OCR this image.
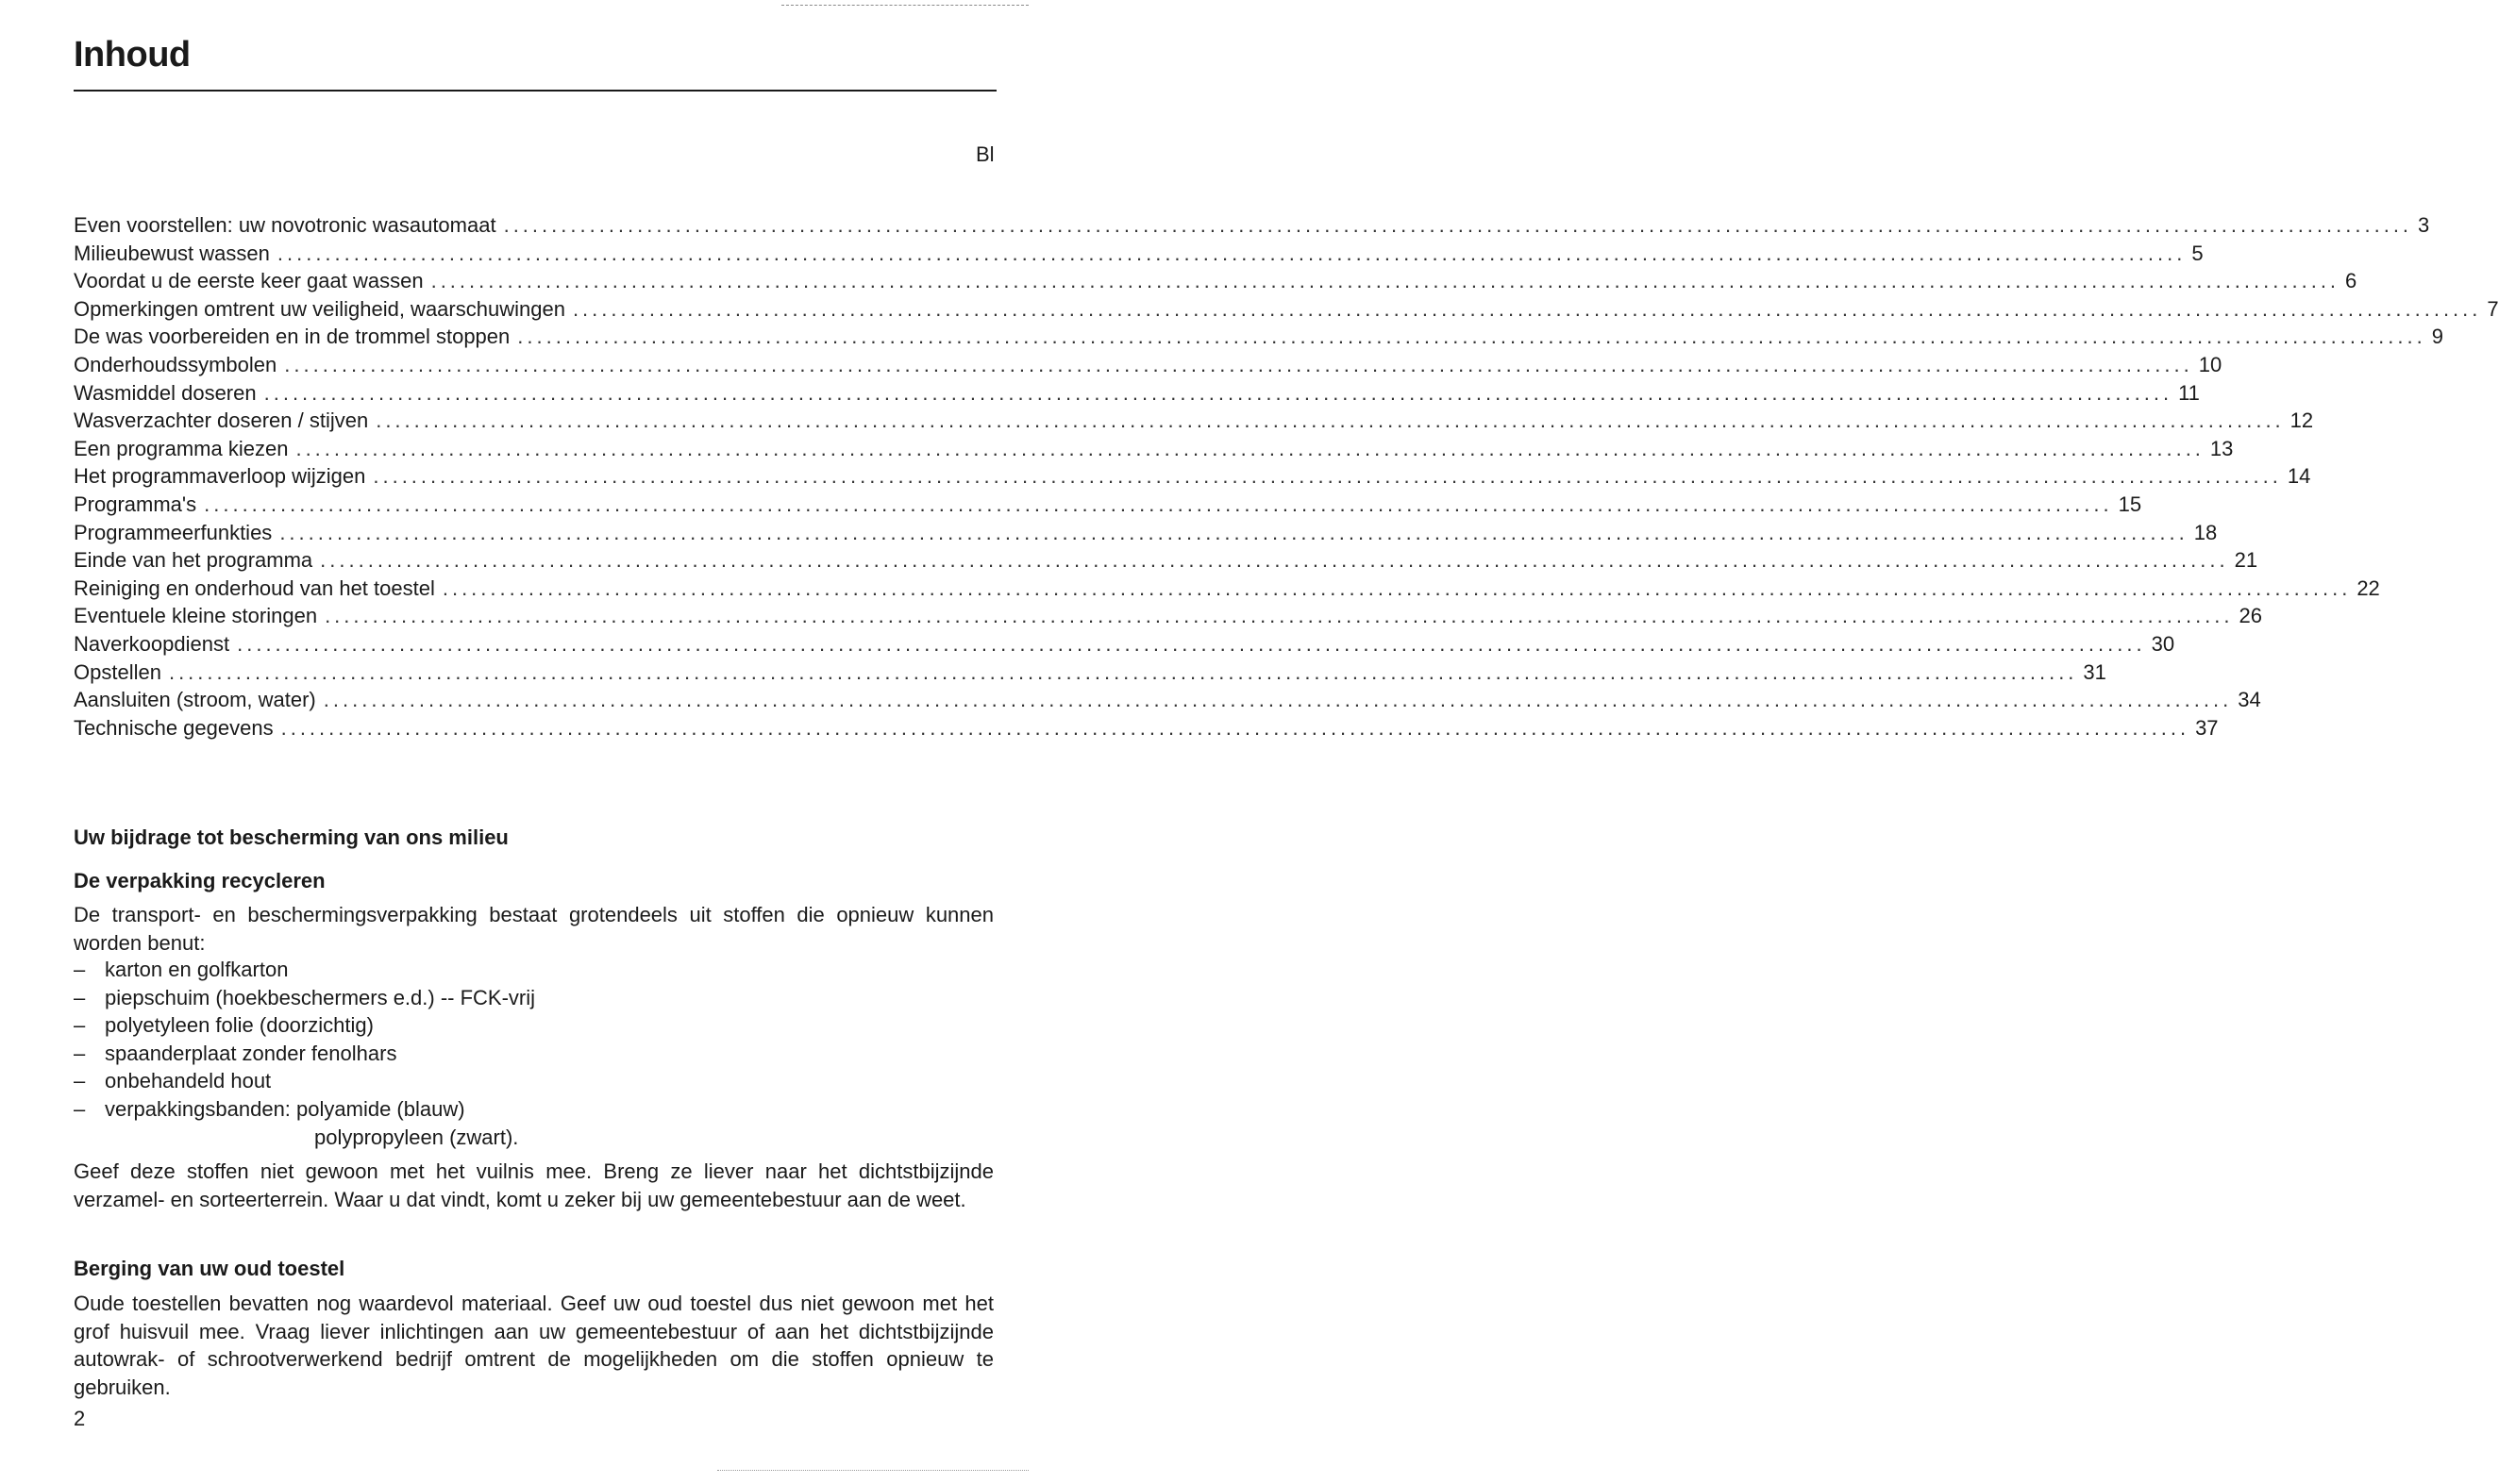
Inhoud
Bl
Even voorstellen: uw novotronic wasautomaat ........................................................................................................................................................................................................ 3
Milieubewust wassen ........................................................................................................................................................................................................ 5
Voordat u de eerste keer gaat wassen ........................................................................................................................................................................................................ 6
Opmerkingen omtrent uw veiligheid, waarschuwingen ........................................................................................................................................................................................................ 7
De was voorbereiden en in de trommel stoppen ........................................................................................................................................................................................................ 9
Onderhoudssymbolen ........................................................................................................................................................................................................ 10
Wasmiddel doseren ........................................................................................................................................................................................................ 11
Wasverzachter doseren / stijven ........................................................................................................................................................................................................ 12
Een programma kiezen ........................................................................................................................................................................................................ 13
Het programmaverloop wijzigen ........................................................................................................................................................................................................ 14
Programma's ........................................................................................................................................................................................................ 15
Programmeerfunkties ........................................................................................................................................................................................................ 18
Einde van het programma ........................................................................................................................................................................................................ 21
Reiniging en onderhoud van het toestel ........................................................................................................................................................................................................ 22
Eventuele kleine storingen ........................................................................................................................................................................................................ 26
Naverkoopdienst ........................................................................................................................................................................................................ 30
Opstellen ........................................................................................................................................................................................................ 31
Aansluiten (stroom, water) ........................................................................................................................................................................................................ 34
Technische gegevens ........................................................................................................................................................................................................ 37
Uw bijdrage tot bescherming van ons milieu
De verpakking recycleren

De transport- en beschermingsverpakking bestaat grotendeels uit stoffen die opnieuw kunnen worden benut:

– karton en golfkarton
– piepschuim (hoekbeschermers e.d.) -- FCK-vrij
– polyetyleen folie (doorzichtig)
– spaanderplaat zonder fenolhars
– onbehandeld hout
– verpakkingsbanden: polyamide (blauw)
polypropyleen (zwart).

Geef deze stoffen niet gewoon met het vuilnis mee. Breng ze liever naar het dichtstbijzijnde verzamel- en sorteerterrein. Waar u dat vindt, komt u zeker bij uw gemeentebestuur aan de weet.

Berging van uw oud toestel

Oude toestellen bevatten nog waardevol materiaal. Geef uw oud toestel dus niet gewoon met het grof huisvuil mee. Vraag liever inlichtingen aan uw gemeentebestuur of aan het dichtstbijzijnde autowrak- of schrootverwerkend bedrijf omtrent de mogelijkheden om die stoffen opnieuw te gebruiken.

2
